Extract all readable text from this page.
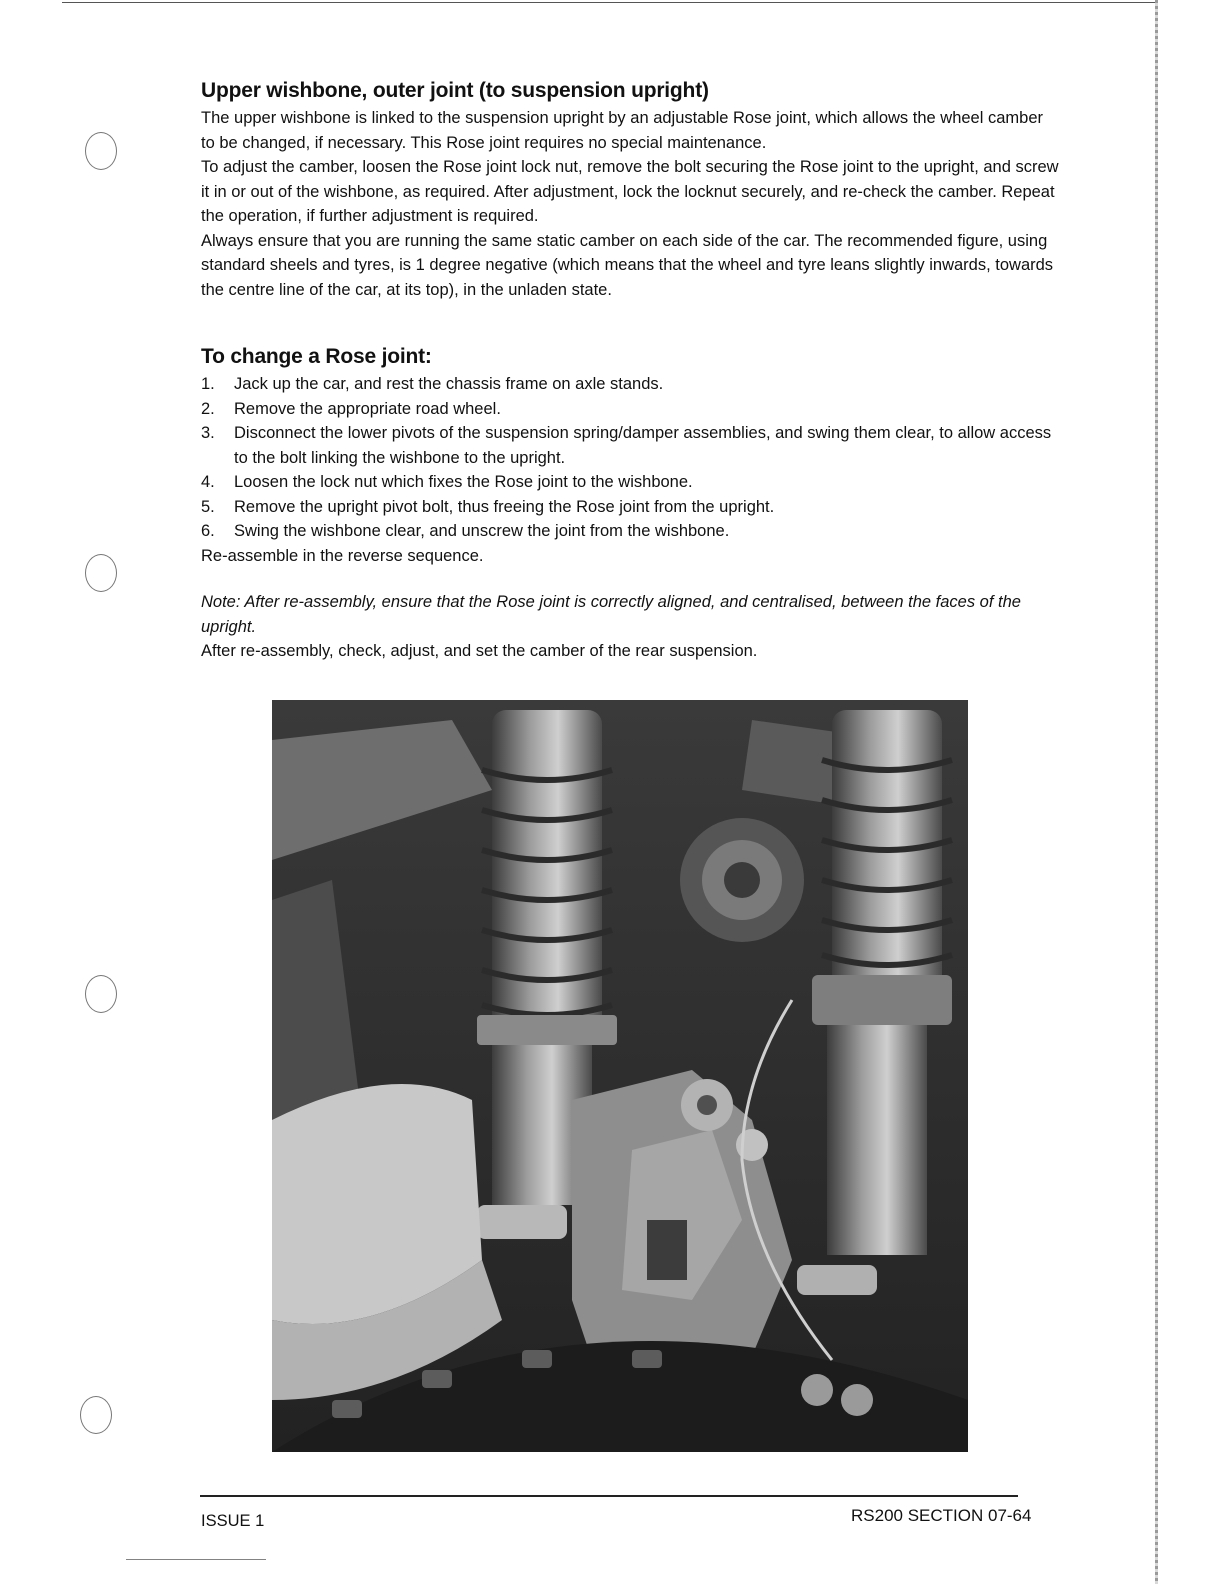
Upper wishbone, outer joint (to suspension upright)

The upper wishbone is linked to the suspension upright by an adjustable Rose joint, which allows the wheel camber to be changed, if necessary. This Rose joint requires no special maintenance.

To adjust the camber, loosen the Rose joint lock nut, remove the bolt securing the Rose joint to the upright, and screw it in or out of the wishbone, as required. After adjustment, lock the locknut securely, and re-check the camber. Repeat the operation, if further adjustment is required.

Always ensure that you are running the same static camber on each side of the car. The recommended figure, using standard sheels and tyres, is 1 degree negative (which means that the wheel and tyre leans slightly inwards, towards the centre line of the car, at its top), in the unladen state.

To change a Rose joint:
1. Jack up the car, and rest the chassis frame on axle stands.
2. Remove the appropriate road wheel.
3. Disconnect the lower pivots of the suspension spring/damper assemblies, and swing them clear, to allow access to the bolt linking the wishbone to the upright.
4. Loosen the lock nut which fixes the Rose joint to the wishbone.
5. Remove the upright pivot bolt, thus freeing the Rose joint from the upright.
6. Swing the wishbone clear, and unscrew the joint from the wishbone.

Re-assemble in the reverse sequence.

Note: After re-assembly, ensure that the Rose joint is correctly aligned, and centralised, between the faces of the upright.

After re-assembly, check, adjust, and set the camber of the rear suspension.

ISSUE 1	RS200 SECTION 07-64
